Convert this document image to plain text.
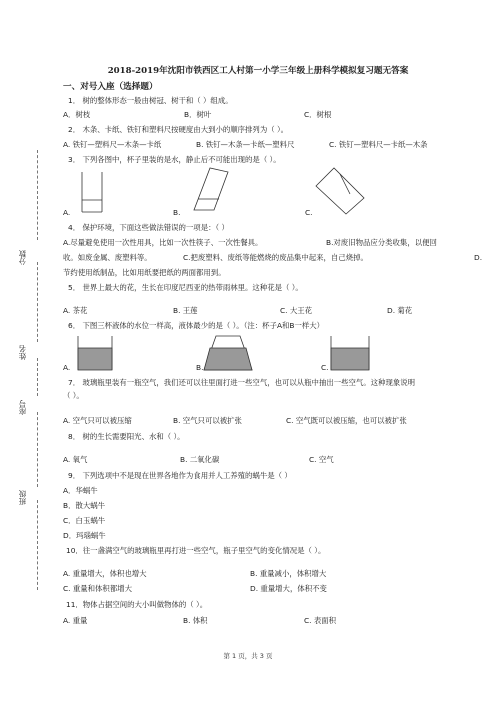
分数
姓名
座号
班级
2018-2019年沈阳市铁西区工人村第一小学三年级上册科学模拟复习题无答案
一、对号入座（选择题）
1． 树的整体形态一般由树冠、树干和（ ）组成。
A．树枝	B．树叶	C．树根
2． 木条、卡纸、铁钉和塑料尺按硬度由大到小的顺序排列为（ ）。
A. 铁钉—塑料尺—木条—卡纸	B. 铁钉—木条—卡纸—塑料尺	C. 铁钉—塑料尺—卡纸—木条
3． 下列各图中，杯子里装的是水，静止后不可能出现的是（ ）。
A.	B.	C.
4． 保护环境，下面这些做法错误的一项是：（ ）
A.尽量避免使用一次性用具，比如一次性筷子、一次性餐具。	B.对废旧物品应分类收集，以便回
收。如废金属、废塑料等。	C.把废塑料、废纸等能燃烧的废品集中起来，自己烧掉。	D.
节约使用纸制品，比如用纸要把纸的两面都用到。
5． 世界上最大的花，生长在印度尼西亚的热带雨林里。这种花是（ ）。
A. 茶花	B. 王莲	C. 大王花	D. 菊花
6． 下图三杯液体的水位一样高，液体最少的是（ ）。（注：杯子A和B一样大）
A.	B.	C.
7． 玻璃瓶里装有一瓶空气，我们还可以往里面打进一些空气，也可以从瓶中抽出一些空气。这种现象说明
（ ）。
A. 空气只可以被压缩	B. 空气只可以被扩张	C. 空气既可以被压缩，也可以被扩张
8． 树的生长需要阳光、水和（ ）。
A. 氧气	B. 二氧化碳	C. 空气
9． 下列选项中不是现在世界各地作为食用并人工养殖的蜗牛是（ ）
A．华蜗牛
B．散大蜗牛
C．白玉蜗牛
D．玛瑙蜗牛
10．往一盏满空气的玻璃瓶里再打进一些空气，瓶子里空气的变化情况是（ ）。
A. 重量增大，体积也增大	B. 重量减小，体积增大
C. 重量和体积都增大	D. 重量增大，体积不变
11．物体占据空间的大小叫做物体的（ ）。
A. 重量	B. 体积	C. 表面积
第 1 页，共 3 页
